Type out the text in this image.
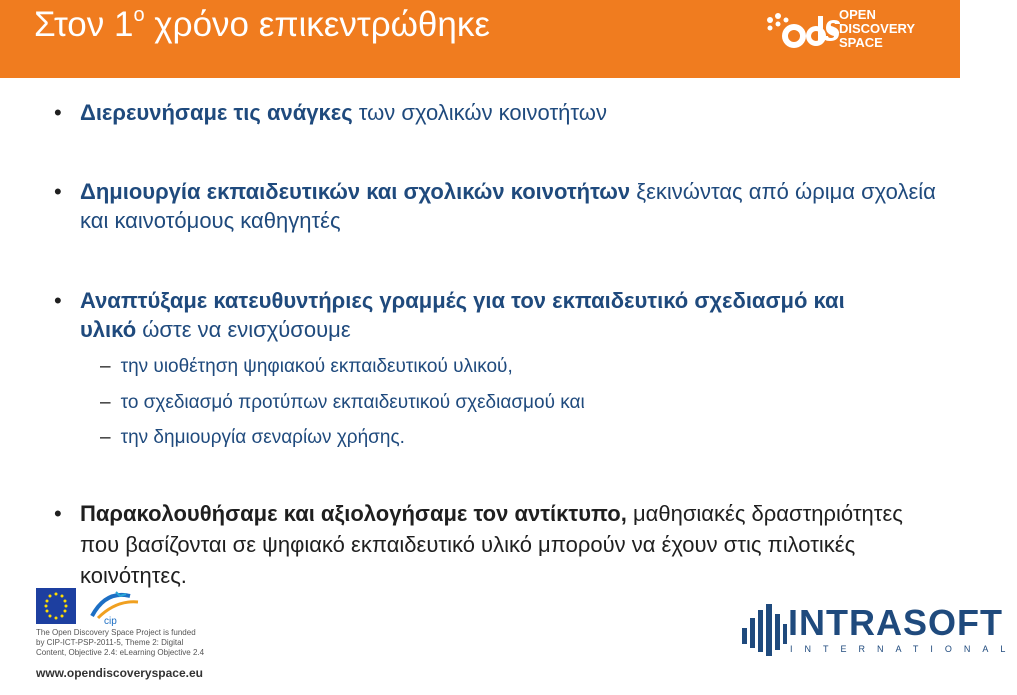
Στον $1^o$ χρόνο επικεντρώθηκε	OPEN
DISCOVERY
SPACE
• Διερευνήσαμε τις ανάγκες των σχολικών κοινοτήτων
• Δημιουργία εκπαιδευτικών και σχολικών κοινοτήτων ξεκινώντας από ώριμα σχολεία και καινοτόμους καθηγητές
• Αναπτύξαμε κατευθυντήριες γραμμές για τον εκπαιδευτικό σχεδιασμό και υλικό ώστε να ενισχύσουμε
– την υιοθέτηση ψηφιακού εκπαιδευτικού υλικού,
– το σχεδιασμό προτύπων εκπαιδευτικού σχεδιασμού και
– την δημιουργία σεναρίων χρήσης.
• Παρακολουθήσαμε και αξιολογήσαμε τον αντίκτυπο, μαθησιακές δραστηριότητες που βασίζονται σε ψηφιακό εκπαιδευτικό υλικό μπορούν να έχουν στις πιλοτικές κοινότητες.
cip
The Open Discovery Space Project is funded by CIP-ICT-PSP-2011-5, Theme 2: Digital Content, Objective 2.4: eLearning Objective 2.4
www.opendiscoveryspace.eu
INTRASOFT
INTERNATIONAL
